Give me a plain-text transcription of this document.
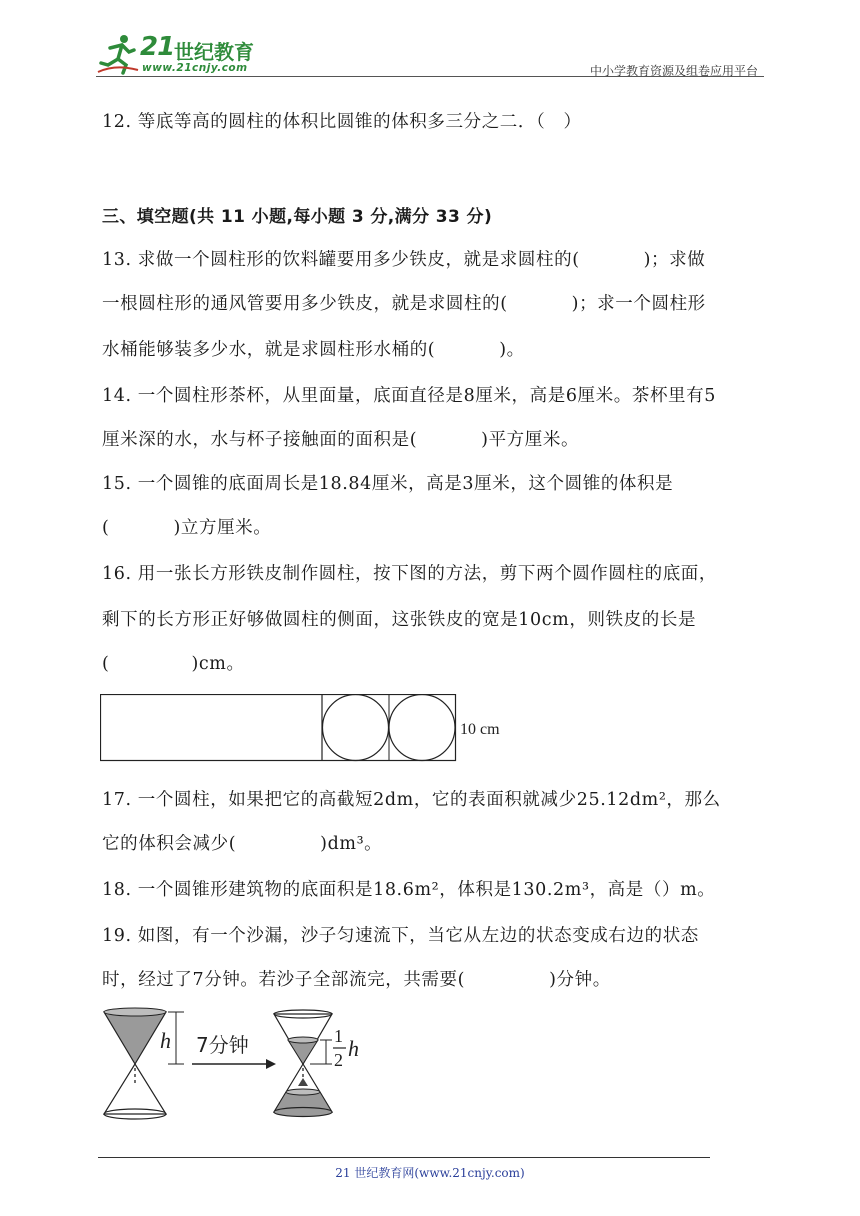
21 世纪教育
www.21cnjy.com	中小学教育资源及组卷应用平台
12. 等底等高的圆柱的体积比圆锥的体积多三分之二．（　）
三、填空题(共 11 小题,每小题 3 分,满分 33 分)
13. 求做一个圆柱形的饮料罐要用多少铁皮，就是求圆柱的(	)；求做
一根圆柱形的通风管要用多少铁皮，就是求圆柱的(	)；求一个圆柱形
水桶能够装多少水，就是求圆柱形水桶的(	)。
14. 一个圆柱形茶杯，从里面量，底面直径是8厘米，高是6厘米。茶杯里有5
厘米深的水，水与杯子接触面的面积是(	)平方厘米。
15. 一个圆锥的底面周长是18.84厘米，高是3厘米，这个圆锥的体积是
(	)立方厘米。
16. 用一张长方形铁皮制作圆柱，按下图的方法，剪下两个圆作圆柱的底面，
剩下的长方形正好够做圆柱的侧面，这张铁皮的宽是10cm，则铁皮的长是
(	)cm。
10 cm
17. 一个圆柱，如果把它的高截短2dm，它的表面积就减少25.12dm²，那么
它的体积会减少(	)dm³。
18. 一个圆锥形建筑物的底面积是18.6m²，体积是130.2m³，高是（）m。
19. 如图，有一个沙漏，沙子匀速流下，当它从左边的状态变成右边的状态
时，经过了7分钟。若沙子全部流完，共需要(	)分钟。
h 7分钟	1
2 h
21 世纪教育网(www.21cnjy.com)
